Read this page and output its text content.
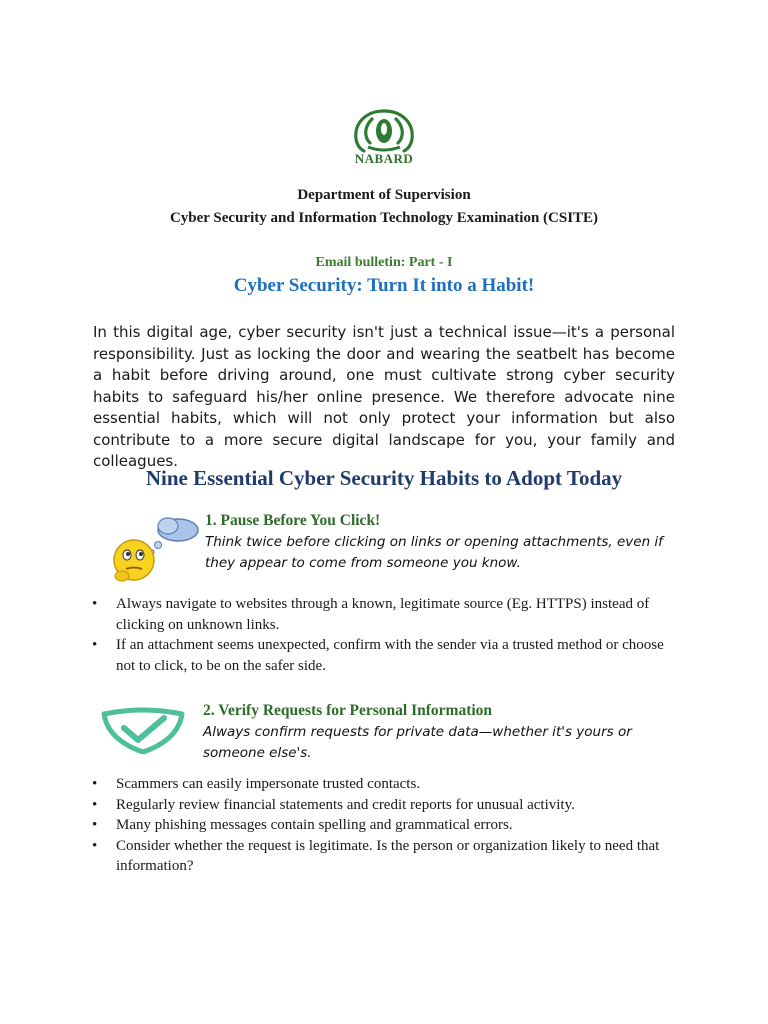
NABARD
Department of Supervision
Cyber Security and Information Technology Examination (CSITE)
Email bulletin: Part - I
Cyber Security: Turn It into a Habit!

In this digital age, cyber security isn't just a technical issue—it's a personal responsibility. Just as locking the door and wearing the seatbelt has become a habit before driving around, one must cultivate strong cyber security habits to safeguard his/her online presence. We therefore advocate nine essential habits, which will not only protect your information but also contribute to a more secure digital landscape for you, your family and colleagues.

Nine Essential Cyber Security Habits to Adopt Today
1. Pause Before You Click!
Think twice before clicking on links or opening attachments, even if they appear to come from someone you know.
• Always navigate to websites through a known, legitimate source (Eg. HTTPS) instead of clicking on unknown links.
• If an attachment seems unexpected, confirm with the sender via a trusted method or choose not to click, to be on the safer side.
2. Verify Requests for Personal Information
Always confirm requests for private data—whether it's yours or someone else's.
• Scammers can easily impersonate trusted contacts.
• Regularly review financial statements and credit reports for unusual activity.
• Many phishing messages contain spelling and grammatical errors.
• Consider whether the request is legitimate. Is the person or organization likely to need that information?
